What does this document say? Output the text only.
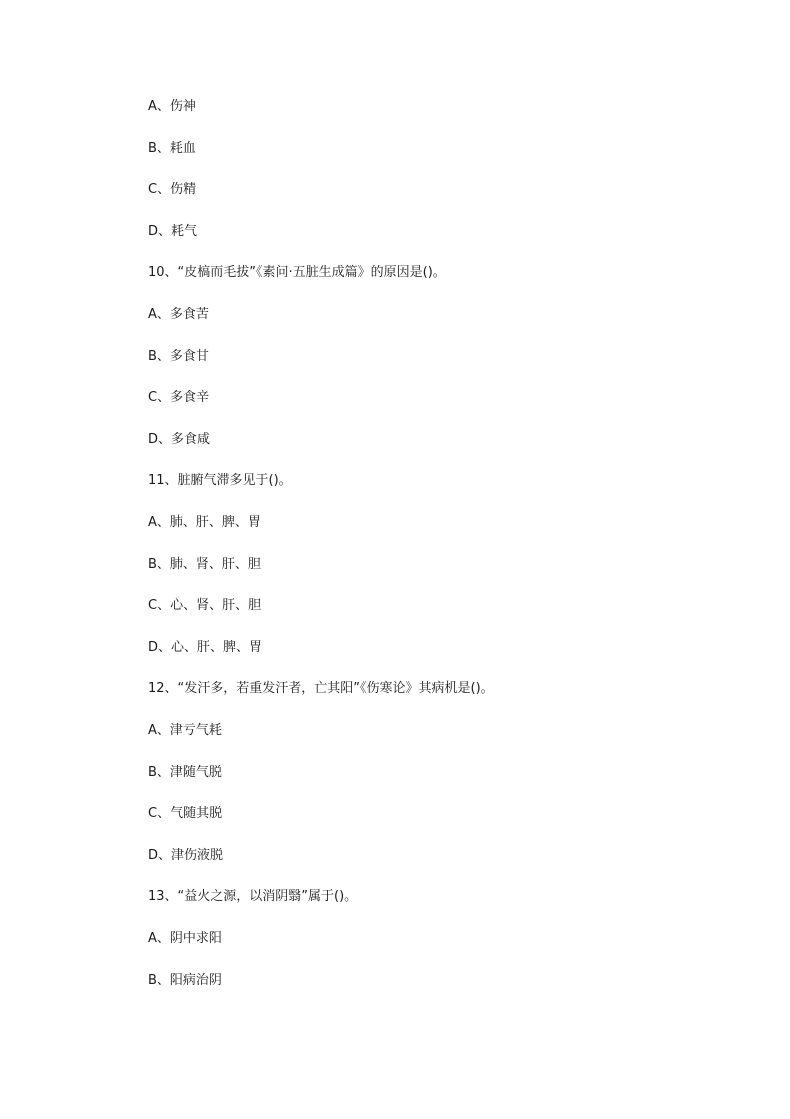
A、伤神
B、耗血
C、伤精
D、耗气
10、“皮槁而毛拔”《素问·五脏生成篇》的原因是()。
A、多食苦
B、多食甘
C、多食辛
D、多食咸
11、脏腑气滞多见于()。
A、肺、肝、脾、胃
B、肺、肾、肝、胆
C、心、肾、肝、胆
D、心、肝、脾、胃
12、“发汗多，若重发汗者，亡其阳”《伤寒论》其病机是()。
A、津亏气耗
B、津随气脱
C、气随其脱
D、津伤液脱
13、“益火之源，以消阴翳”属于()。
A、阴中求阳
B、阳病治阴
